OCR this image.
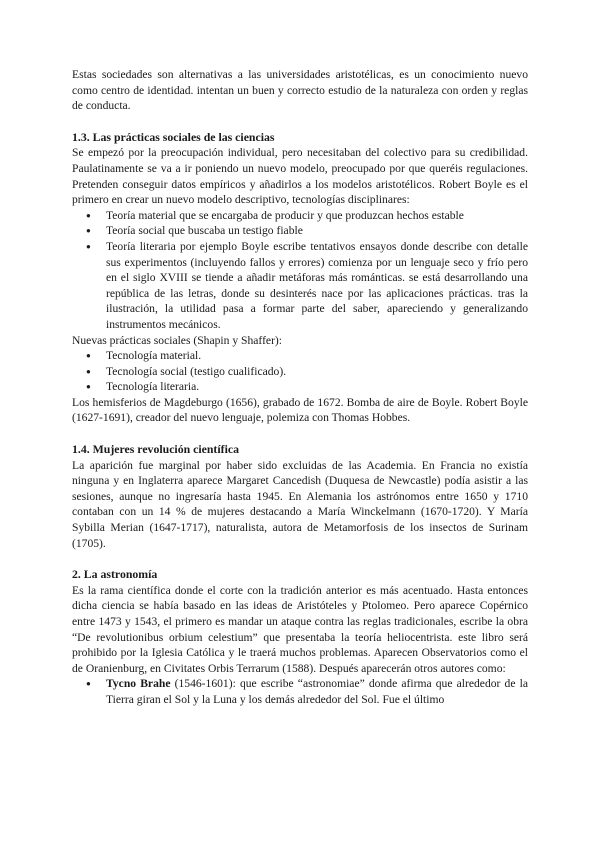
Estas sociedades son alternativas a las universidades aristotélicas, es un conocimiento nuevo como centro de identidad. intentan un buen y correcto estudio de la naturaleza con orden y reglas de conducta.

1.3. Las prácticas sociales de las ciencias

Se empezó por la preocupación individual, pero necesitaban del colectivo para su credibilidad. Paulatinamente se va a ir poniendo un nuevo modelo, preocupado por que queréis regulaciones. Pretenden conseguir datos empíricos y añadirlos a los modelos aristotélicos. Robert Boyle es el primero en crear un nuevo modelo descriptivo, tecnologías disciplinares:

● Teoría material que se encargaba de producir y que produzcan hechos estable
● Teoría social que buscaba un testigo fiable
● Teoría literaria por ejemplo Boyle escribe tentativos ensayos donde describe con detalle sus experimentos (incluyendo fallos y errores) comienza por un lenguaje seco y frío pero en el siglo XVIII se tiende a añadir metáforas más románticas. se está desarrollando una república de las letras, donde su desinterés nace por las aplicaciones prácticas. tras la ilustración, la utilidad pasa a formar parte del saber, apareciendo y generalizando instrumentos mecánicos.

Nuevas prácticas sociales (Shapin y Shaffer):

● Tecnología material.
● Tecnología social (testigo cualificado).
● Tecnología literaria.

Los hemisferios de Magdeburgo (1656), grabado de 1672. Bomba de aire de Boyle. Robert Boyle (1627-1691), creador del nuevo lenguaje, polemiza con Thomas Hobbes.

1.4. Mujeres revolución científica

La aparición fue marginal por haber sido excluidas de las Academia. En Francia no existía ninguna y en Inglaterra aparece Margaret Cancedish (Duquesa de Newcastle) podía asistir a las sesiones, aunque no ingresaría hasta 1945. En Alemania los astrónomos entre 1650 y 1710 contaban con un 14 % de mujeres destacando a María Winckelmann (1670-1720). Y María Sybilla Merian (1647-1717), naturalista, autora de Metamorfosis de los insectos de Surinam (1705).

2. La astronomía

Es la rama científica donde el corte con la tradición anterior es más acentuado. Hasta entonces dicha ciencia se había basado en las ideas de Aristóteles y Ptolomeo. Pero aparece Copérnico entre 1473 y 1543, el primero es mandar un ataque contra las reglas tradicionales, escribe la obra “De revolutionibus orbium celestium” que presentaba la teoría heliocentrista. este libro será prohibido por la Iglesia Católica y le traerá muchos problemas. Aparecen Observatorios como el de Oranienburg, en Civitates Orbis Terrarum (1588). Después aparecerán otros autores como:

● Tycno Brahe (1546-1601): que escribe “astronomiae” donde afirma que alrededor de la Tierra giran el Sol y la Luna y los demás alrededor del Sol. Fue el último
